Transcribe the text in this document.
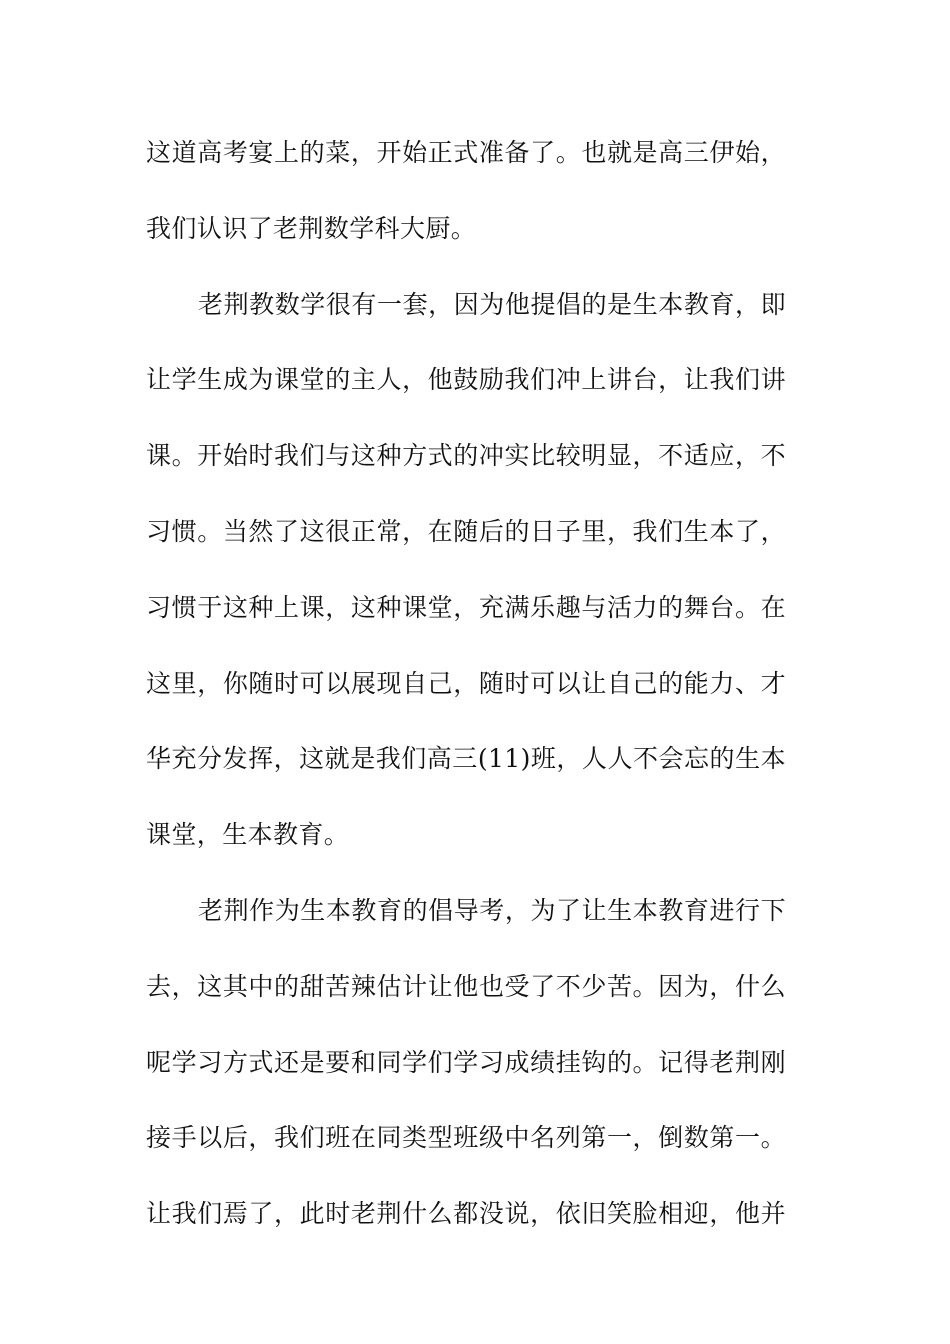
这道高考宴上的菜，开始正式准备了。也就是高三伊始，
我们认识了老荆数学科大厨。
老荆教数学很有一套，因为他提倡的是生本教育，即
让学生成为课堂的主人，他鼓励我们冲上讲台，让我们讲
课。开始时我们与这种方式的冲实比较明显，不适应，不
习惯。当然了这很正常，在随后的日子里，我们生本了，
习惯于这种上课，这种课堂，充满乐趣与活力的舞台。在
这里，你随时可以展现自己，随时可以让自己的能力、才
华充分发挥，这就是我们高三(11)班，人人不会忘的生本
课堂，生本教育。
老荆作为生本教育的倡导考，为了让生本教育进行下
去，这其中的甜苦辣估计让他也受了不少苦。因为，什么
呢学习方式还是要和同学们学习成绩挂钩的。记得老荆刚
接手以后，我们班在同类型班级中名列第一，倒数第一。
让我们焉了，此时老荆什么都没说，依旧笑脸相迎，他并
